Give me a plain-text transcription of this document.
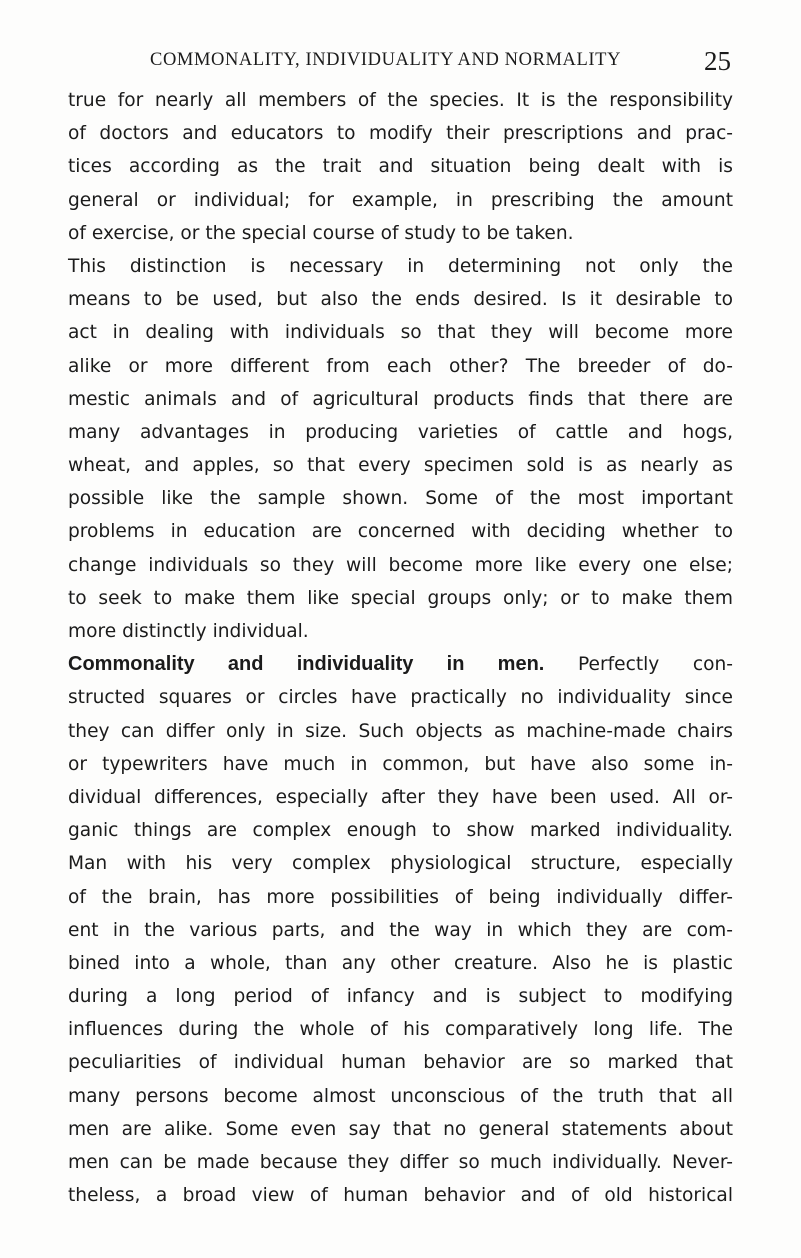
COMMONALITY, INDIVIDUALITY AND NORMALITY	25
true for nearly all members of the species. It is the responsibility
of doctors and educators to modify their prescriptions and prac-
tices according as the trait and situation being dealt with is
general or individual; for example, in prescribing the amount
of exercise, or the special course of study to be taken.
This distinction is necessary in determining not only the
means to be used, but also the ends desired. Is it desirable to
act in dealing with individuals so that they will become more
alike or more different from each other? The breeder of do-
mestic animals and of agricultural products finds that there are
many advantages in producing varieties of cattle and hogs,
wheat, and apples, so that every specimen sold is as nearly as
possible like the sample shown. Some of the most important
problems in education are concerned with deciding whether to
change individuals so they will become more like every one else;
to seek to make them like special groups only; or to make them
more distinctly individual.
Commonality and individuality in men. Perfectly con-
structed squares or circles have practically no individuality since
they can differ only in size. Such objects as machine-made chairs
or typewriters have much in common, but have also some in-
dividual differences, especially after they have been used. All or-
ganic things are complex enough to show marked individuality.
Man with his very complex physiological structure, especially
of the brain, has more possibilities of being individually differ-
ent in the various parts, and the way in which they are com-
bined into a whole, than any other creature. Also he is plastic
during a long period of infancy and is subject to modifying
influences during the whole of his comparatively long life. The
peculiarities of individual human behavior are so marked that
many persons become almost unconscious of the truth that all
men are alike. Some even say that no general statements about
men can be made because they differ so much individually. Never-
theless, a broad view of human behavior and of old historical
